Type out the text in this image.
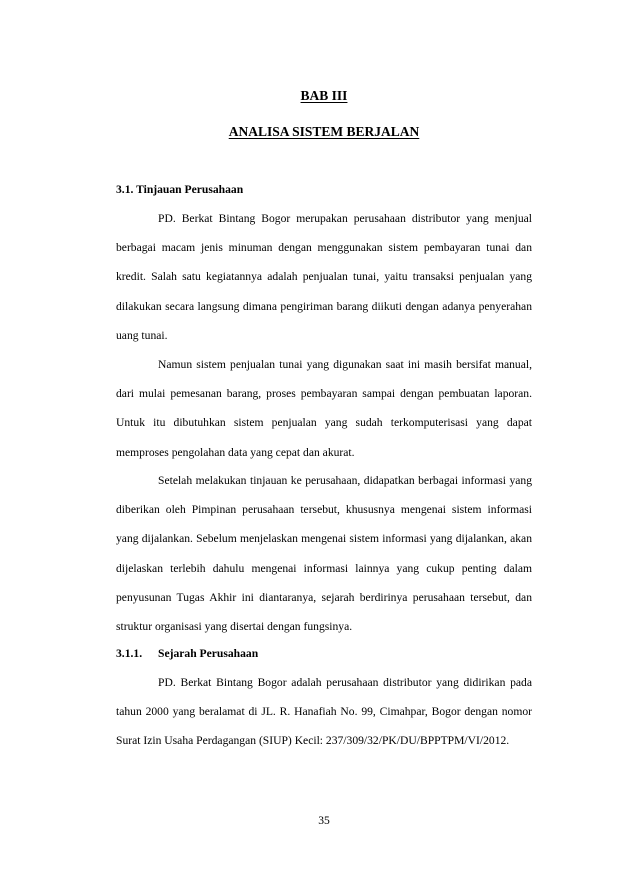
BAB III

ANALISA SISTEM BERJALAN

3.1. Tinjauan Perusahaan

PD. Berkat Bintang Bogor merupakan perusahaan distributor yang menjual berbagai macam jenis minuman dengan menggunakan sistem pembayaran tunai dan kredit. Salah satu kegiatannya adalah penjualan tunai, yaitu transaksi penjualan yang dilakukan secara langsung dimana pengiriman barang diikuti dengan adanya penyerahan uang tunai.

Namun sistem penjualan tunai yang digunakan saat ini masih bersifat manual, dari mulai pemesanan barang, proses pembayaran sampai dengan pembuatan laporan. Untuk itu dibutuhkan sistem penjualan yang sudah terkomputerisasi yang dapat memproses pengolahan data yang cepat dan akurat.

Setelah melakukan tinjauan ke perusahaan, didapatkan berbagai informasi yang diberikan oleh Pimpinan perusahaan tersebut, khususnya mengenai sistem informasi yang dijalankan. Sebelum menjelaskan mengenai sistem informasi yang dijalankan, akan dijelaskan terlebih dahulu mengenai informasi lainnya yang cukup penting dalam penyusunan Tugas Akhir ini diantaranya, sejarah berdirinya perusahaan tersebut, dan struktur organisasi yang disertai dengan fungsinya.

3.1.1. Sejarah Perusahaan

PD. Berkat Bintang Bogor adalah perusahaan distributor yang didirikan pada tahun 2000 yang beralamat di JL. R. Hanafiah No. 99, Cimahpar, Bogor dengan nomor Surat Izin Usaha Perdagangan (SIUP) Kecil: 237/309/32/PK/DU/BPPTPM/VI/2012.

35
